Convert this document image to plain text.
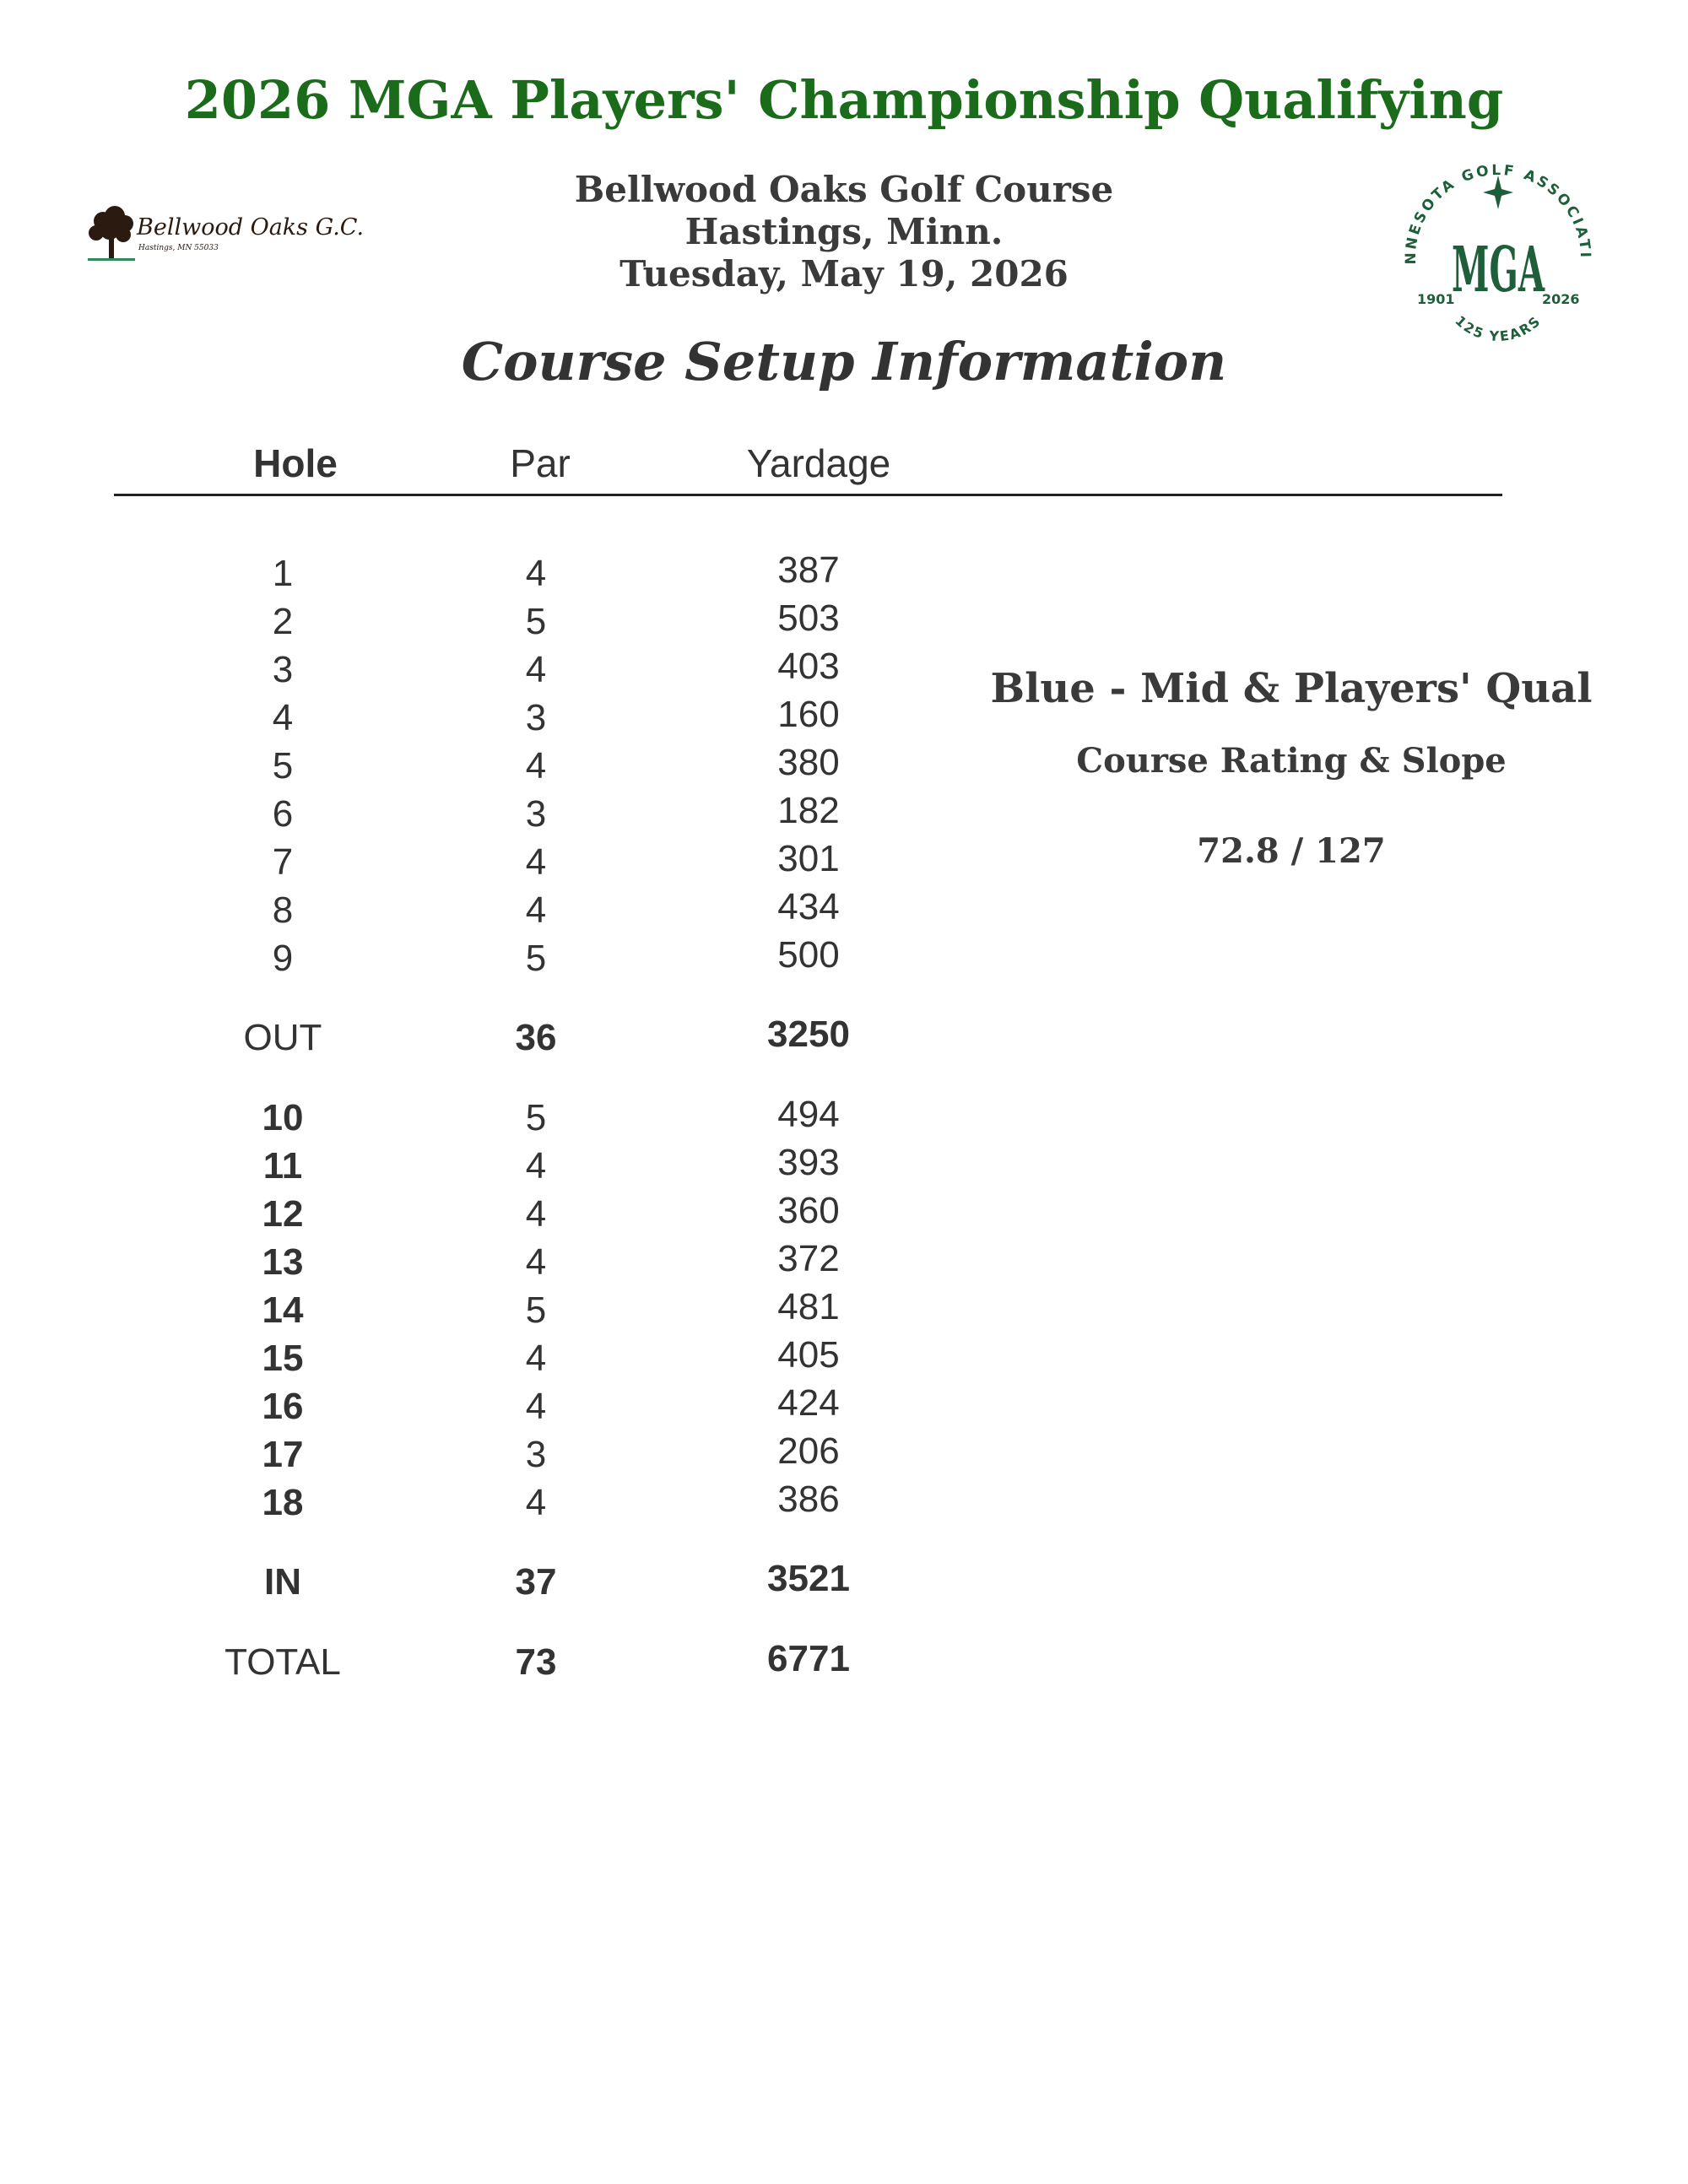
2026 MGA Players' Championship Qualifying
Bellwood Oaks G.C.
Hastings, MN 55033
Bellwood Oaks Golf Course
Hastings, Minn.
Tuesday, May 19, 2026	NNESOTA GOLF ASSOCIATI
125 YEARS
1901	2026
MGA
Course Setup Information
Hole	Par	Yardage
1	4	387
2	5	503
3	4	403
4	3	160
5	4	380
6	3	182
7	4	301
8	4	434
9	5	500
OUT	36	3250
10	5	494
11	4	393
12	4	360
13	4	372
14	5	481
15	4	405
16	4	424
17	3	206
18	4	386
IN	37	3521
TOTAL	73	6771
Blue - Mid & Players' Qual
Course Rating & Slope
72.8 / 127
